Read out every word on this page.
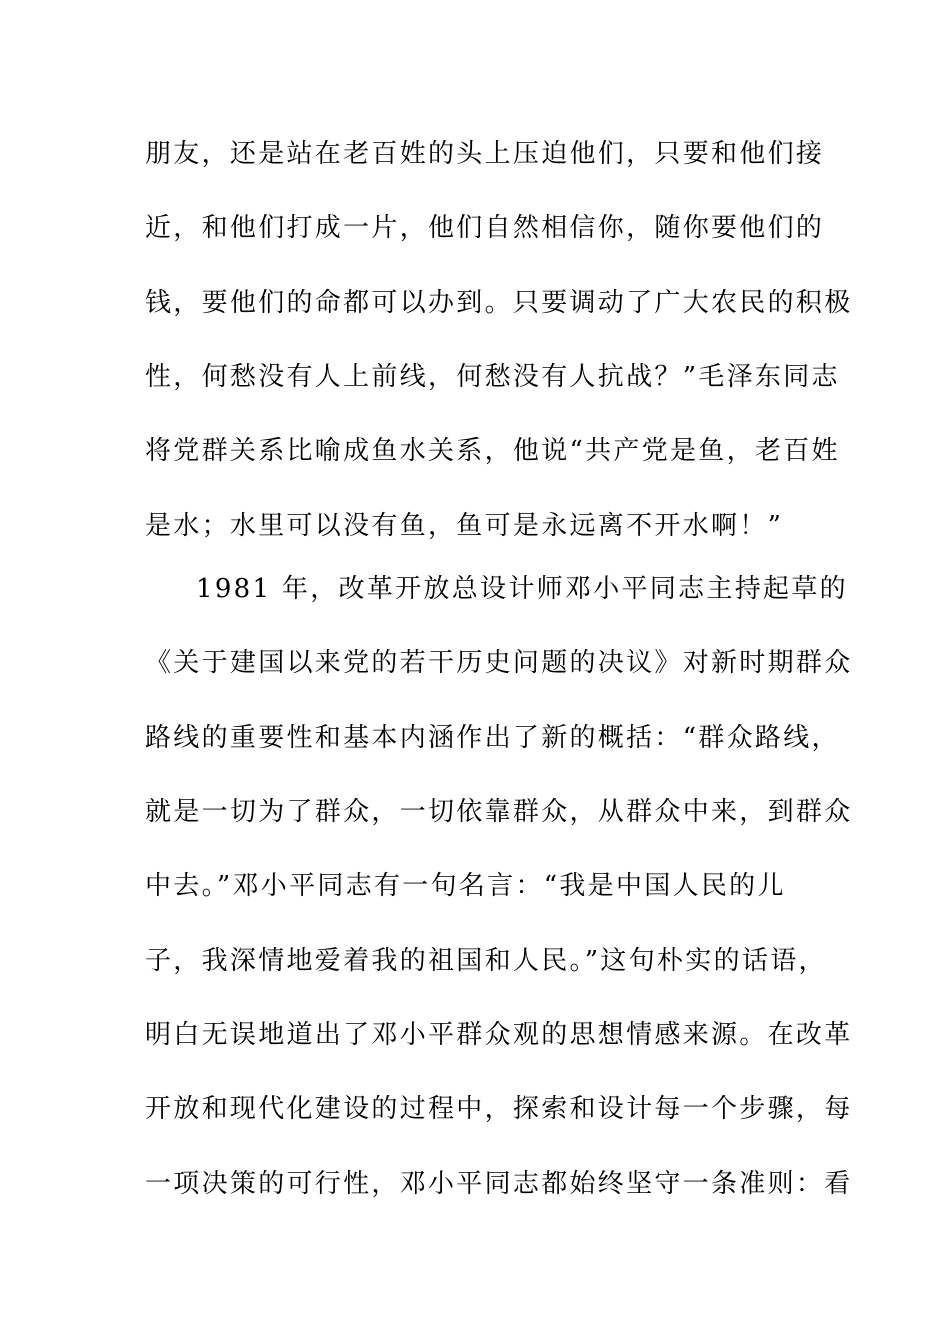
朋友，还是站在老百姓的头上压迫他们，只要和他们接
近，和他们打成一片，他们自然相信你，随你要他们的
钱，要他们的命都可以办到。只要调动了广大农民的积极
性，何愁没有人上前线，何愁没有人抗战？”毛泽东同志
将党群关系比喻成鱼水关系，他说“共产党是鱼，老百姓
是水；水里可以没有鱼，鱼可是永远离不开水啊！”
1981 年，改革开放总设计师邓小平同志主持起草的
《关于建国以来党的若干历史问题的决议》对新时期群众
路线的重要性和基本内涵作出了新的概括：“群众路线，
就是一切为了群众，一切依靠群众，从群众中来，到群众
中去。”邓小平同志有一句名言：“我是中国人民的儿
子，我深情地爱着我的祖国和人民。”这句朴实的话语，
明白无误地道出了邓小平群众观的思想情感来源。在改革
开放和现代化建设的过程中，探索和设计每一个步骤，每
一项决策的可行性，邓小平同志都始终坚守一条准则：看
